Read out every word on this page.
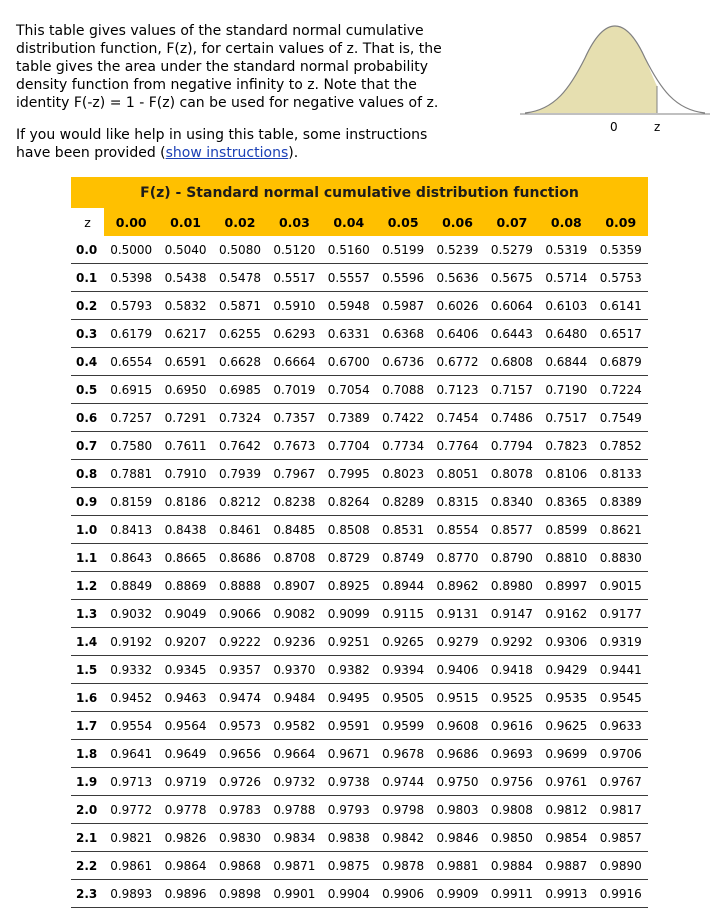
This table gives values of the standard normal cumulative

distribution function, F(z), for certain values of z. That is, the

table gives the area under the standard normal probability

density function from negative infinity to z. Note that the

identity F(-z) = 1 - F(z) can be used for negative values of z.

If you would like help in using this table, some instructions
have been provided (show instructions).
0	z
F(z) - Standard normal cumulative distribution function										
z	0.00	0.01	0.02	0.03	0.04	0.05	0.06	0.07	0.08	0.09
0.0	0.5000	0.5040	0.5080	0.5120	0.5160	0.5199	0.5239	0.5279	0.5319	0.5359
0.1	0.5398	0.5438	0.5478	0.5517	0.5557	0.5596	0.5636	0.5675	0.5714	0.5753
0.2	0.5793	0.5832	0.5871	0.5910	0.5948	0.5987	0.6026	0.6064	0.6103	0.6141
0.3	0.6179	0.6217	0.6255	0.6293	0.6331	0.6368	0.6406	0.6443	0.6480	0.6517
0.4	0.6554	0.6591	0.6628	0.6664	0.6700	0.6736	0.6772	0.6808	0.6844	0.6879
0.5	0.6915	0.6950	0.6985	0.7019	0.7054	0.7088	0.7123	0.7157	0.7190	0.7224
0.6	0.7257	0.7291	0.7324	0.7357	0.7389	0.7422	0.7454	0.7486	0.7517	0.7549
0.7	0.7580	0.7611	0.7642	0.7673	0.7704	0.7734	0.7764	0.7794	0.7823	0.7852
0.8	0.7881	0.7910	0.7939	0.7967	0.7995	0.8023	0.8051	0.8078	0.8106	0.8133
0.9	0.8159	0.8186	0.8212	0.8238	0.8264	0.8289	0.8315	0.8340	0.8365	0.8389
1.0	0.8413	0.8438	0.8461	0.8485	0.8508	0.8531	0.8554	0.8577	0.8599	0.8621
1.1	0.8643	0.8665	0.8686	0.8708	0.8729	0.8749	0.8770	0.8790	0.8810	0.8830
1.2	0.8849	0.8869	0.8888	0.8907	0.8925	0.8944	0.8962	0.8980	0.8997	0.9015
1.3	0.9032	0.9049	0.9066	0.9082	0.9099	0.9115	0.9131	0.9147	0.9162	0.9177
1.4	0.9192	0.9207	0.9222	0.9236	0.9251	0.9265	0.9279	0.9292	0.9306	0.9319
1.5	0.9332	0.9345	0.9357	0.9370	0.9382	0.9394	0.9406	0.9418	0.9429	0.9441
1.6	0.9452	0.9463	0.9474	0.9484	0.9495	0.9505	0.9515	0.9525	0.9535	0.9545
1.7	0.9554	0.9564	0.9573	0.9582	0.9591	0.9599	0.9608	0.9616	0.9625	0.9633
1.8	0.9641	0.9649	0.9656	0.9664	0.9671	0.9678	0.9686	0.9693	0.9699	0.9706
1.9	0.9713	0.9719	0.9726	0.9732	0.9738	0.9744	0.9750	0.9756	0.9761	0.9767
2.0	0.9772	0.9778	0.9783	0.9788	0.9793	0.9798	0.9803	0.9808	0.9812	0.9817
2.1	0.9821	0.9826	0.9830	0.9834	0.9838	0.9842	0.9846	0.9850	0.9854	0.9857
2.2	0.9861	0.9864	0.9868	0.9871	0.9875	0.9878	0.9881	0.9884	0.9887	0.9890
2.3	0.9893	0.9896	0.9898	0.9901	0.9904	0.9906	0.9909	0.9911	0.9913	0.9916
